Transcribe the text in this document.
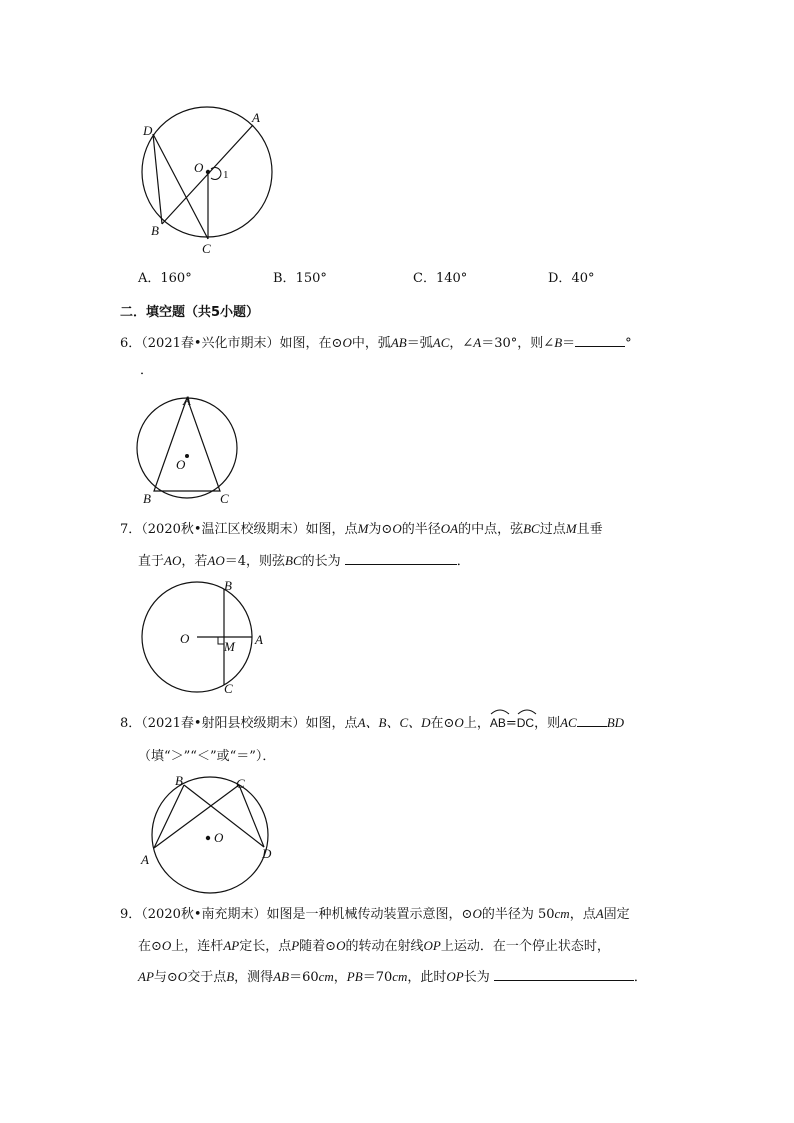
D
A
O 1
B
C
A．160°	B．150°	C．140°	D．40°
二．填空题（共5小题）
6．（2021春•兴化市期末）如图，在⊙O中，弧AB＝弧AC，∠A＝30°，则∠B＝	°
．
A
O
B	C
7．（2020秋•温江区校级期末）如图，点M为⊙O的半径OA的中点，弦BC过点M且垂
直于AO，若AO＝4，则弦BC的长为	．
B
O	A
M
C
8．（2021春•射阳县校级期末）如图，点A、B、C、D在⊙O上，
AB=
DC，则AC BD
（填“＞”“＜”或“＝”）．
B	C
O
A	D
9．（2020秋•南充期末）如图是一种机械传动装置示意图，⊙O的半径为 50cm，点A固定
在⊙O上，连杆AP定长，点P随着⊙O的转动在射线OP上运动．在一个停止状态时，
AP与⊙O交于点B，测得AB＝60cm，PB＝70cm，此时OP长为	．
